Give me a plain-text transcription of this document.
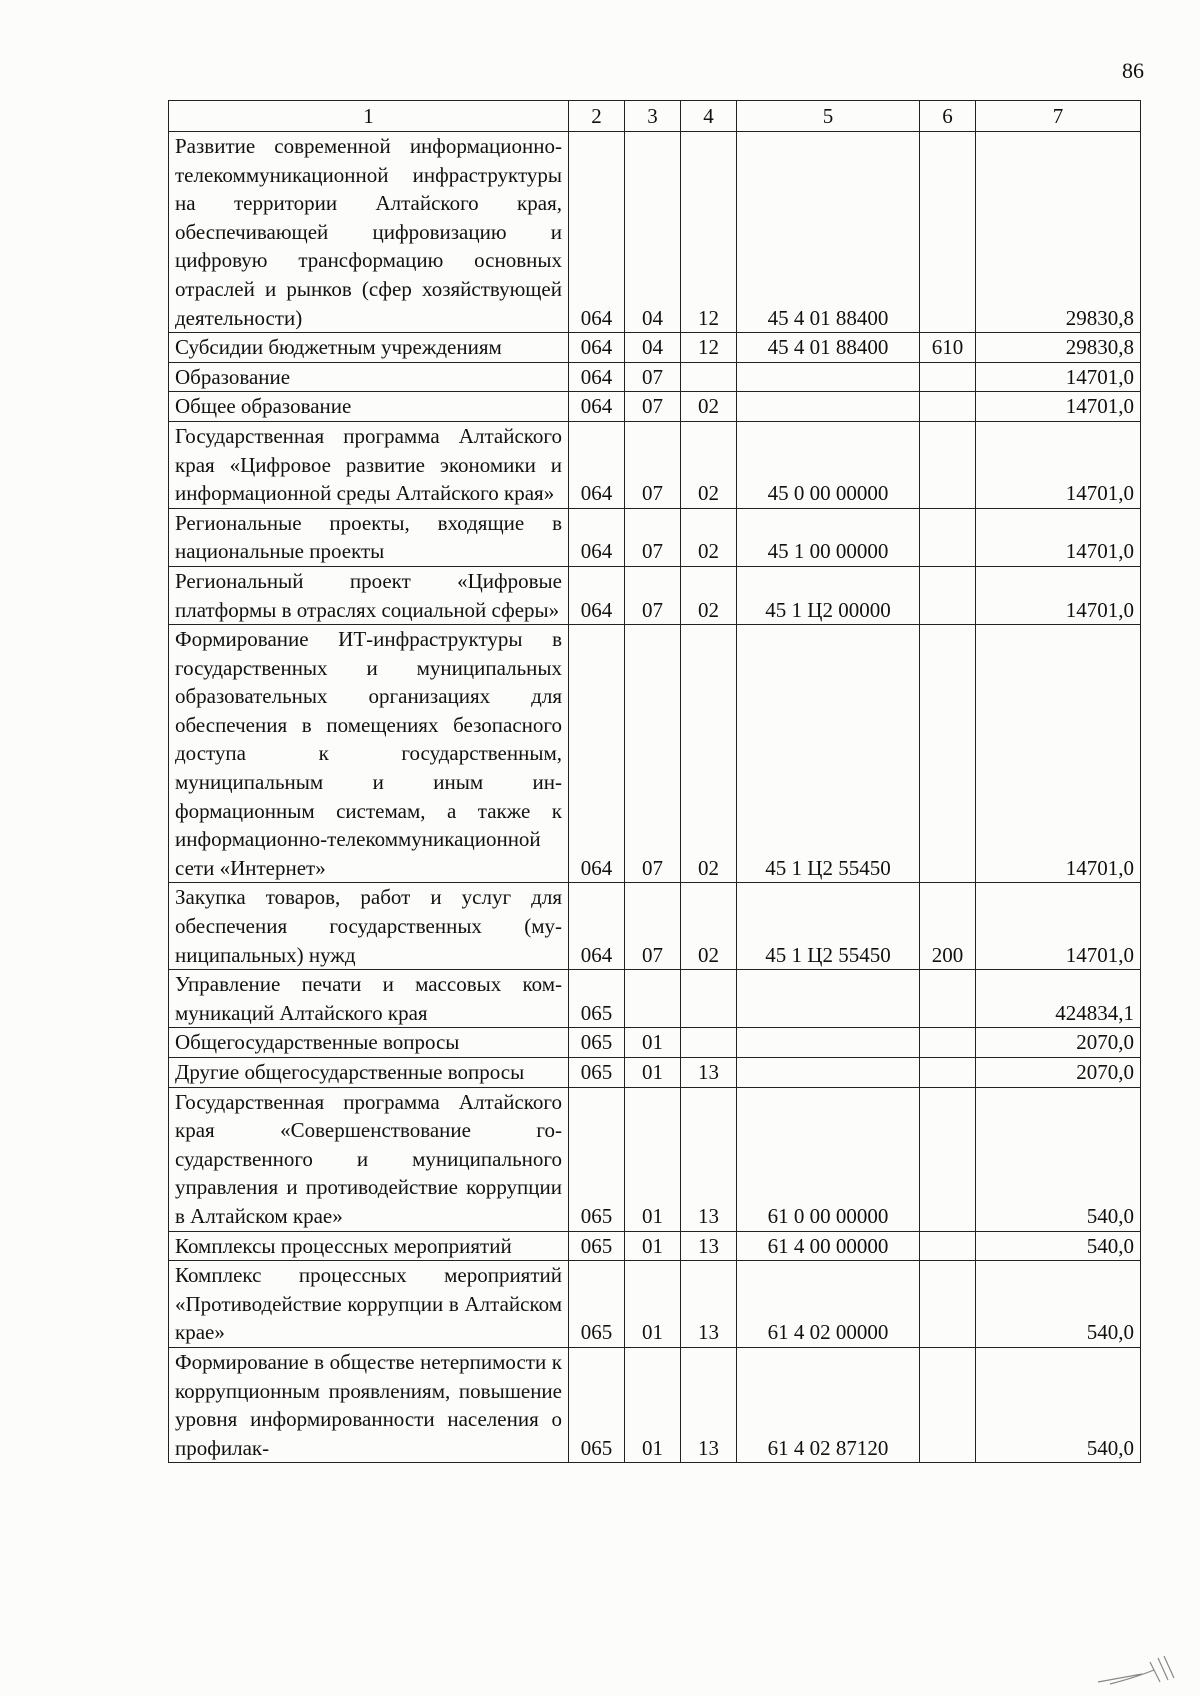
86
1	2	3	4	5	6	7
Развитие современной информационно-телекоммуникационной инфраструктуры на территории Алтайского края, обеспечивающей цифровизацию и цифровую трансформацию основных отраслей и рынков (сфер хозяйствующей деятельности)	064	04	12	45 4 01 88400		29830,8
Субсидии бюджетным учреждениям	064	04	12	45 4 01 88400	610	29830,8
Образование	064	07				14701,0
Общее образование	064	07	02			14701,0
Государственная программа Алтайского края «Цифровое развитие экономики и информационной среды Алтайского края»	064	07	02	45 0 00 00000		14701,0
Региональные проекты, входящие в национальные проекты	064	07	02	45 1 00 00000		14701,0
Региональный проект «Цифровые платформы в отраслях социальной сферы»	064	07	02	45 1 Ц2 00000		14701,0
Формирование ИТ-инфраструктуры в государственных и муниципальных образовательных организациях для обеспечения в помещениях безопасного доступа к государственным, муниципальным и иным информационным системам, а также к информационно-телекоммуникационной сети «Интернет»	064	07	02	45 1 Ц2 55450		14701,0
Закупка товаров, работ и услуг для обеспечения государственных (муниципальных) нужд	064	07	02	45 1 Ц2 55450	200	14701,0
Управление печати и массовых коммуникаций Алтайского края	065					424834,1
Общегосударственные вопросы	065	01				2070,0
Другие общегосударственные вопросы	065	01	13			2070,0
Государственная программа Алтайского края «Совершенствование государственного и муниципального управления и противодействие коррупции в Алтайском крае»	065	01	13	61 0 00 00000		540,0
Комплексы процессных мероприятий	065	01	13	61 4 00 00000		540,0
Комплекс процессных мероприятий «Противодействие коррупции в Алтайском крае»	065	01	13	61 4 02 00000		540,0
Формирование в обществе нетерпимости к коррупционным проявлениям, повышение уровня информированности населения о профилак-	065	01	13	61 4 02 87120		540,0
